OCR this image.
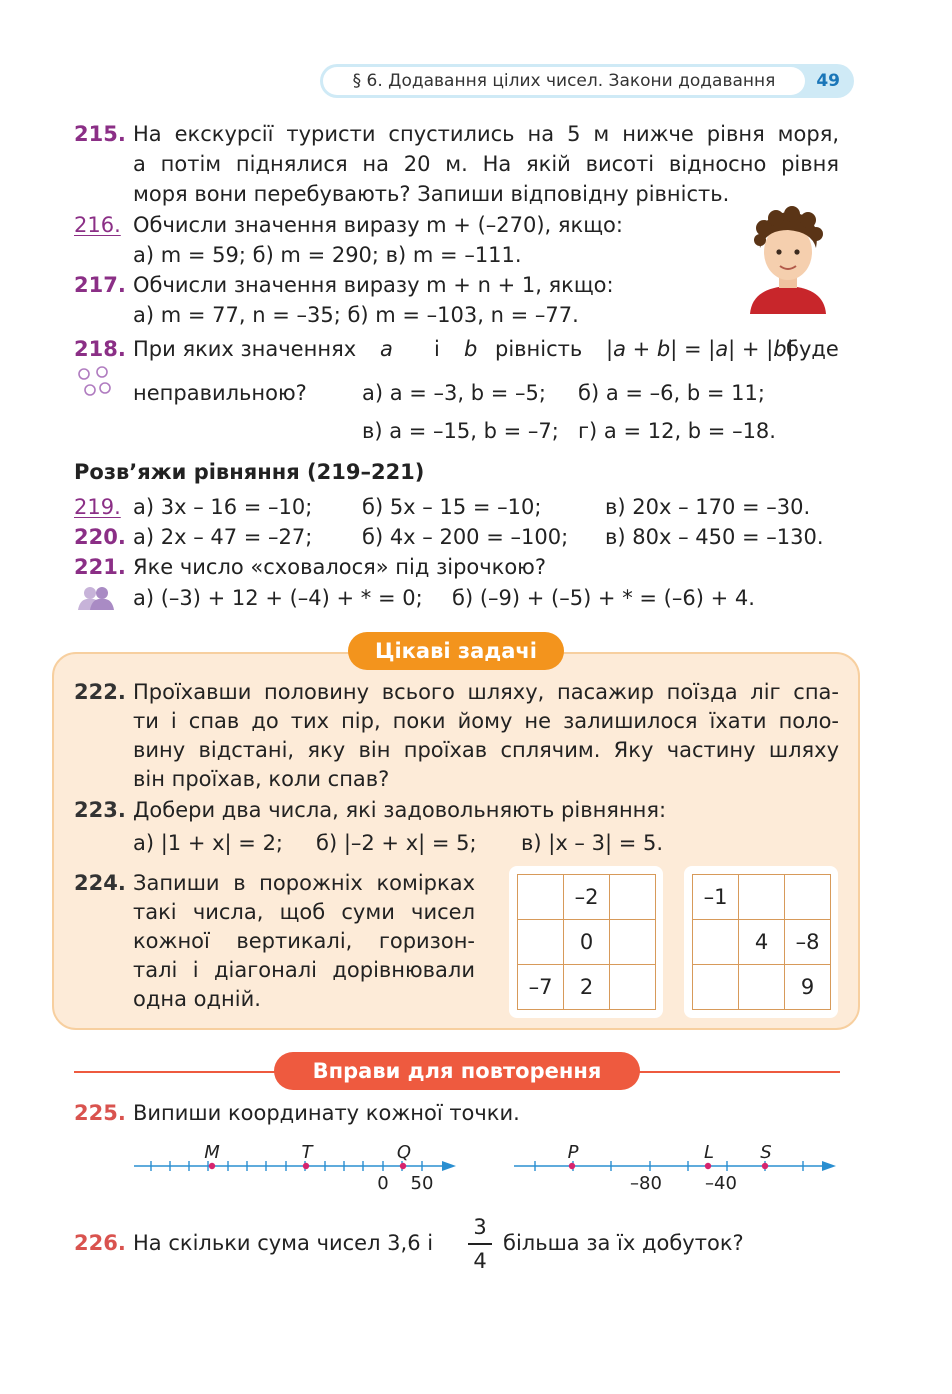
§ 6. Додавання цілих чисел. Закони додавання	49
215. На екскурсії туристи спустились на 5 м нижче рівня моря,
а потім піднялися на 20 м. На якій висоті відносно рівня
моря вони перебувають? Запиши відповідну рівність.
216. Обчисли значення виразу m + (–270), якщо:
а) m = 59; б) m = 290; в) m = –111.
217. Обчисли значення виразу m + n + 1, якщо:
а) m = 77, n = –35; б) m = –103, n = –77.
218. При яких значеннях a і b рівність |a + b| = |a| + |b|
буде
неправильною?	а) a = –3, b = –5; б) a = –6, b = 11;
в) a = –15, b = –7; г) a = 12, b = –18.
Розв’яжи рівняння (219–221)
219. а) 3x – 16 = –10; б) 5x – 15 = –10;	в) 20x – 170 = –30.
220. а) 2x – 47 = –27; б) 4x – 200 = –100; в) 80x – 450 = –130.
221. Яке число «сховалося» під зірочкою?
а) (–3) + 12 + (–4) + * = 0; б) (–9) + (–5) + * = (–6) + 4.
Цікаві задачі
222. Проїхавши половину всього шляху, пасажир поїзда ліг спа-
ти і спав до тих пір, поки йому не залишилося їхати поло-
вину відстані, яку він проїхав сплячим. Яку частину шляху
він проїхав, коли спав?
223. Добери два числа, які задовольняють рівняння:
а) |1 + x| = 2; б) |–2 + x| = 5; в) |x – 3| = 5.
224. Запиши в порожніх комірках
такі числа, щоб суми чисел
кожної вертикалі, горизон-
талі і діагоналі дорівнювали
одна одній.
	–2	
	0	
–7	2	
–1		
	4	–8
		9
Вправи для повторення
225. Випиши координату кожної точки.
M	T	Q
0 50
P	L	S
–80 –40
226. На скільки сума чисел 3,6 і
3
4
більша за їх добуток?
